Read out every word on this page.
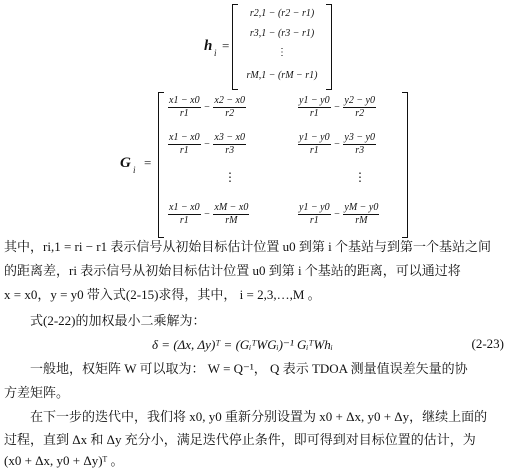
h i =
r2,1 − (r2 − r1)
r3,1 − (r3 − r1)
⋮
rM,1 − (rM − r1)
G i =
$\frac{x1 - x0}{r1} - \frac{x2 - x0}{r2}$	$\frac{y1 - y0}{r1} - \frac{y2 - y0}{r2}$
$\frac{x1 - x0}{r1} - \frac{x3 - x0}{r3}$	$\frac{y1 - y0}{r1} - \frac{y3 - y0}{r3}$
⋮	⋮
$\frac{x1 - x0}{r1} - \frac{xM - x0}{rM}$	$\frac{y1 - y0}{r1} - \frac{yM - y0}{rM}$
其中，ri,1 = ri − r1 表示信号从初始目标估计位置 u0 到第 i 个基站与到第一个基站之间
的距离差，ri 表示信号从初始目标估计位置 u0 到第 i 个基站的距离，可以通过将
x = x0，y = y0 带入式(2-15)求得，其中， i = 2,3,…,M 。
式(2-22)的加权最小二乘解为：
δ = (Δx, Δy)ᵀ = (GᵢᵀWGᵢ)⁻¹ GᵢᵀWhᵢ	(2-23)
一般地，权矩阵 W 可以取为： W = Q⁻¹， Q 表示 TDOA 测量值误差矢量的协
方差矩阵。
在下一步的迭代中，我们将 x0, y0 重新分别设置为 x0 + Δx, y0 + Δy，继续上面的
过程，直到 Δx 和 Δy 充分小，满足迭代停止条件，即可得到对目标位置的估计，为
(x0 + Δx, y0 + Δy)ᵀ 。
